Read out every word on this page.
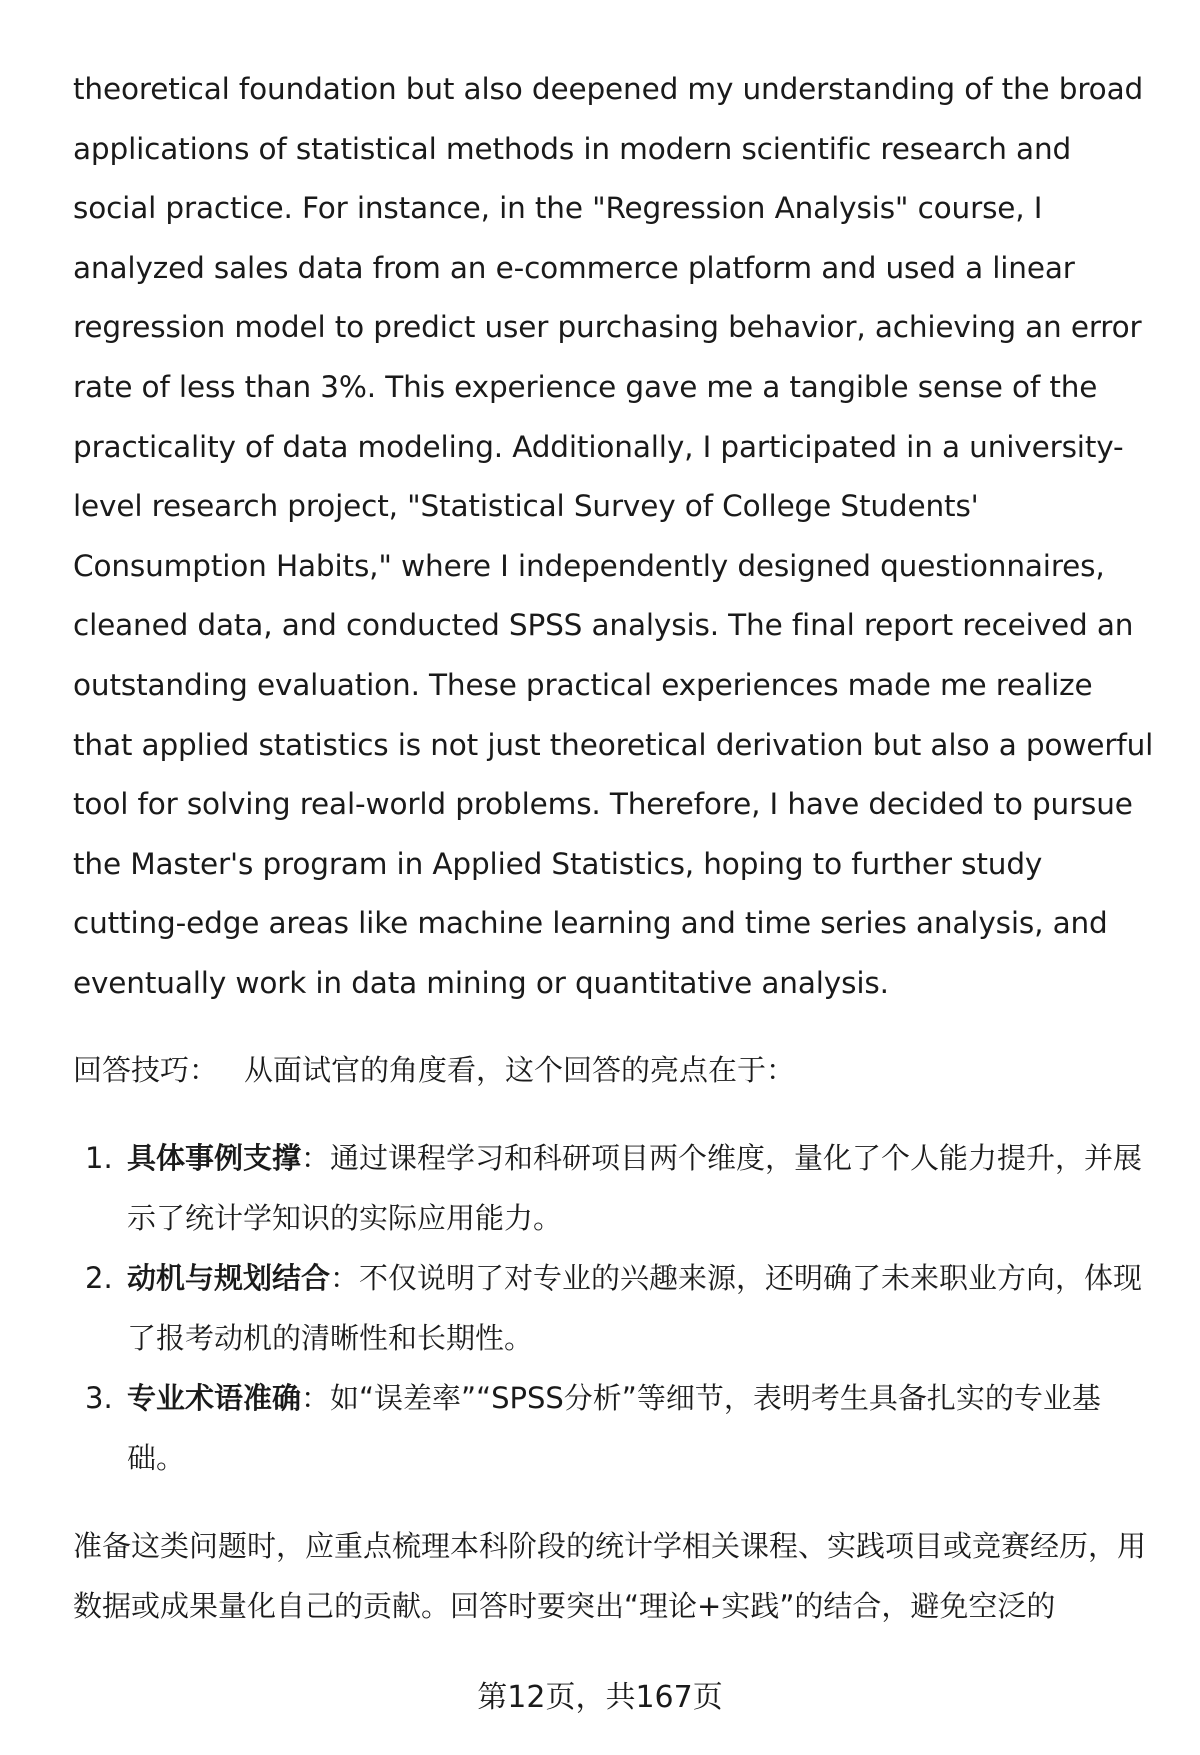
theoretical foundation but also deepened my understanding of the broad applications of statistical methods in modern scientific research and social practice. For instance, in the "Regression Analysis" course, I analyzed sales data from an e-commerce platform and used a linear regression model to predict user purchasing behavior, achieving an error rate of less than 3%. This experience gave me a tangible sense of the practicality of data modeling. Additionally, I participated in a university-level research project, "Statistical Survey of College Students' Consumption Habits," where I independently designed questionnaires, cleaned data, and conducted SPSS analysis. The final report received an outstanding evaluation. These practical experiences made me realize that applied statistics is not just theoretical derivation but also a powerful tool for solving real-world problems. Therefore, I have decided to pursue the Master's program in Applied Statistics, hoping to further study cutting-edge areas like machine learning and time series analysis, and eventually work in data mining or quantitative analysis.

回答技巧： 从面试官的角度看，这个回答的亮点在于：
1. 具体事例支撑：通过课程学习和科研项目两个维度，量化了个人能力提升，并展示了统计学知识的实际应用能力。
2. 动机与规划结合：不仅说明了对专业的兴趣来源，还明确了未来职业方向，体现了报考动机的清晰性和长期性。
3. 专业术语准确：如“误差率”“SPSS分析”等细节，表明考生具备扎实的专业基础。

准备这类问题时，应重点梳理本科阶段的统计学相关课程、实践项目或竞赛经历，用数据或成果量化自己的贡献。回答时要突出“理论+实践”的结合，避免空泛的

第12页，共167页
